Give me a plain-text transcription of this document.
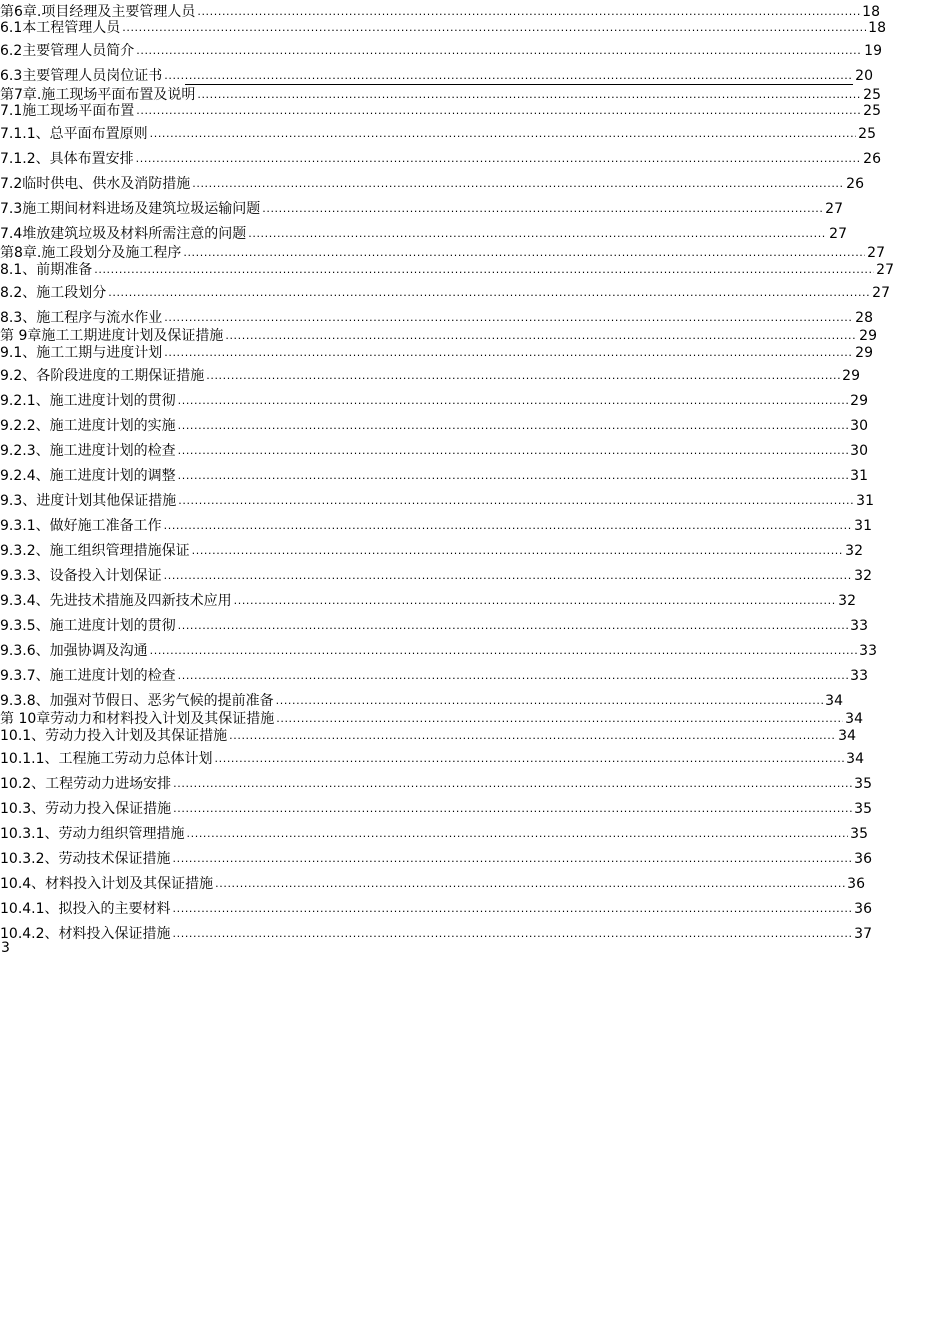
第6章.项目经理及主要管理人员 .....	18
6.1本工程管理人员 .....	18
6.2主要管理人员简介 .....	19
6.3主要管理人员岗位证书 .....	20
第7章.施工现场平面布置及说明 .....	25
7.1施工现场平面布置 .....	25
7.1.1、总平面布置原则 .....	25
7.1.2、具体布置安排 .....	26
7.2临时供电、供水及消防措施 .....	26
7.3施工期间材料进场及建筑垃圾运输问题 .....	27
7.4堆放建筑垃圾及材料所需注意的问题 .....	27
第8章.施工段划分及施工程序 .....	27
8.1、前期准备 .....	27
8.2、施工段划分 .....	27
8.3、施工程序与流水作业 .....	28
第 9章施工工期进度计划及保证措施 .....	29
9.1、施工工期与进度计划 .....	29
9.2、各阶段进度的工期保证措施 .....	29
9.2.1、施工进度计划的贯彻 .....	29
9.2.2、施工进度计划的实施 .....	30
9.2.3、施工进度计划的检查 .....	30
9.2.4、施工进度计划的调整 .....	31
9.3、进度计划其他保证措施 .....	31
9.3.1、做好施工准备工作 .....	31
9.3.2、施工组织管理措施保证 .....	32
9.3.3、设备投入计划保证 .....	32
9.3.4、先进技术措施及四新技术应用 .....	32
9.3.5、施工进度计划的贯彻 .....	33
9.3.6、加强协调及沟通 .....	33
9.3.7、施工进度计划的检查 .....	33
9.3.8、加强对节假日、恶劣气候的提前准备 .....	34
第 10章劳动力和材料投入计划及其保证措施 .....	34
10.1、劳动力投入计划及其保证措施 .....	34
10.1.1、工程施工劳动力总体计划 .....	34
10.2、工程劳动力进场安排 .....	35
10.3、劳动力投入保证措施 .....	35
10.3.1、劳动力组织管理措施 .....	35
10.3.2、劳动技术保证措施 .....	36
10.4、材料投入计划及其保证措施 .....	36
10.4.1、拟投入的主要材料 .....	36
10.4.2、材料投入保证措施 .....	37
3
